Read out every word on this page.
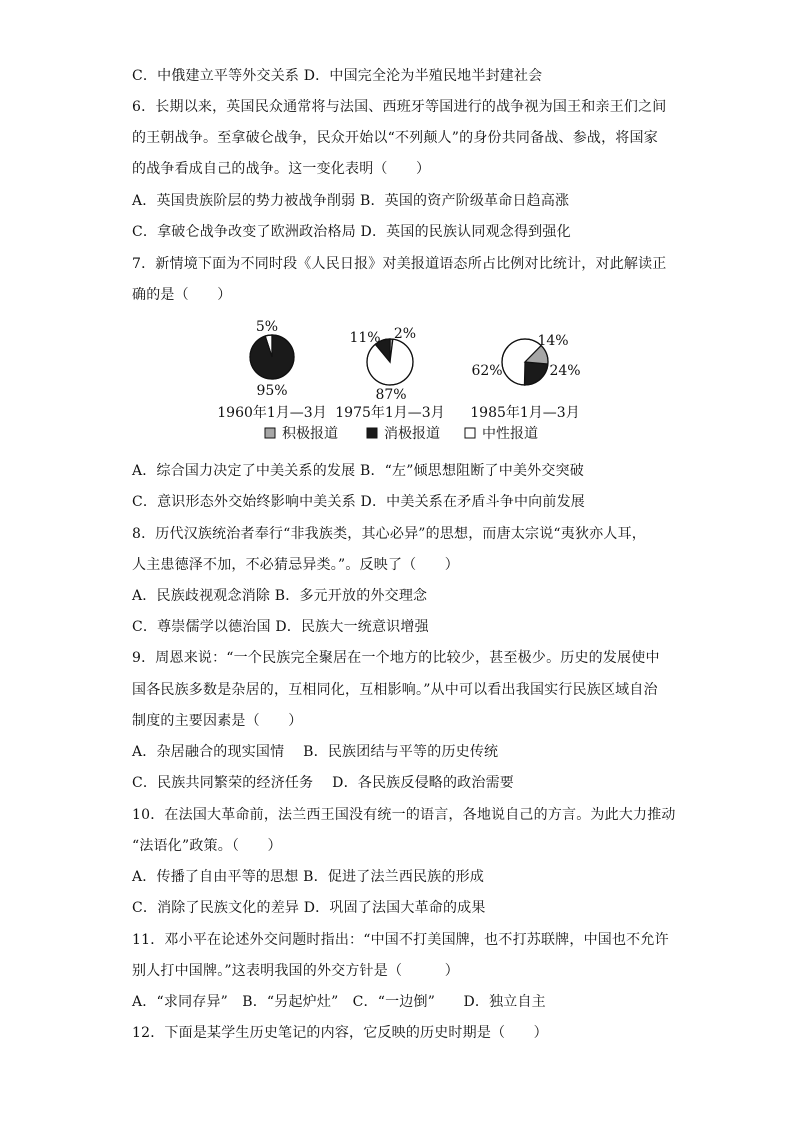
C．中俄建立平等外交关系 D．中国完全沦为半殖民地半封建社会
6．长期以来，英国民众通常将与法国、西班牙等国进行的战争视为国王和亲王们之间
的王朝战争。至拿破仑战争，民众开始以“不列颠人”的身份共同备战、参战，将国家
的战争看成自己的战争。这一变化表明（　　）
A．英国贵族阶层的势力被战争削弱 B．英国的资产阶级革命日趋高涨
C．拿破仑战争改变了欧洲政治格局 D．英国的民族认同观念得到强化
7．新情境下面为不同时段《人民日报》对美报道语态所占比例对比统计，对此解读正
确的是（　　）
A．综合国力决定了中美关系的发展 B．“左”倾思想阻断了中美外交突破
C．意识形态外交始终影响中美关系 D．中美关系在矛盾斗争中向前发展
8．历代汉族统治者奉行“非我族类，其心必异”的思想，而唐太宗说“夷狄亦人耳，
人主患德泽不加，不必猜忌异类。”。反映了（　　）
A．民族歧视观念消除 B．多元开放的外交理念
C．尊崇儒学以德治国 D．民族大一统意识增强
9．周恩来说：“一个民族完全聚居在一个地方的比较少，甚至极少。历史的发展使中
国各民族多数是杂居的，互相同化，互相影响。”从中可以看出我国实行民族区域自治
制度的主要因素是（　　）
A．杂居融合的现实国情　 B．民族团结与平等的历史传统
C．民族共同繁荣的经济任务　 D．各民族反侵略的政治需要
10．在法国大革命前，法兰西王国没有统一的语言，各地说自己的方言。为此大力推动
“法语化”政策。（　　）
A．传播了自由平等的思想 B．促进了法兰西民族的形成
C．消除了民族文化的差异 D．巩固了法国大革命的成果
11．邓小平在论述外交问题时指出：“中国不打美国牌，也不打苏联牌，中国也不允许
别人打中国牌。”这表明我国的外交方针是（　　　）
A．“求同存异”　B．“另起炉灶”　C．“一边倒”　　D．独立自主
12．下面是某学生历史笔记的内容，它反映的历史时期是（　　）
95%
5%
1960年1月—3月
2%
11%
87%
1975年1月—3月
14%
24%
62%
1985年1月—3月
积极报道	消极报道	中性报道
